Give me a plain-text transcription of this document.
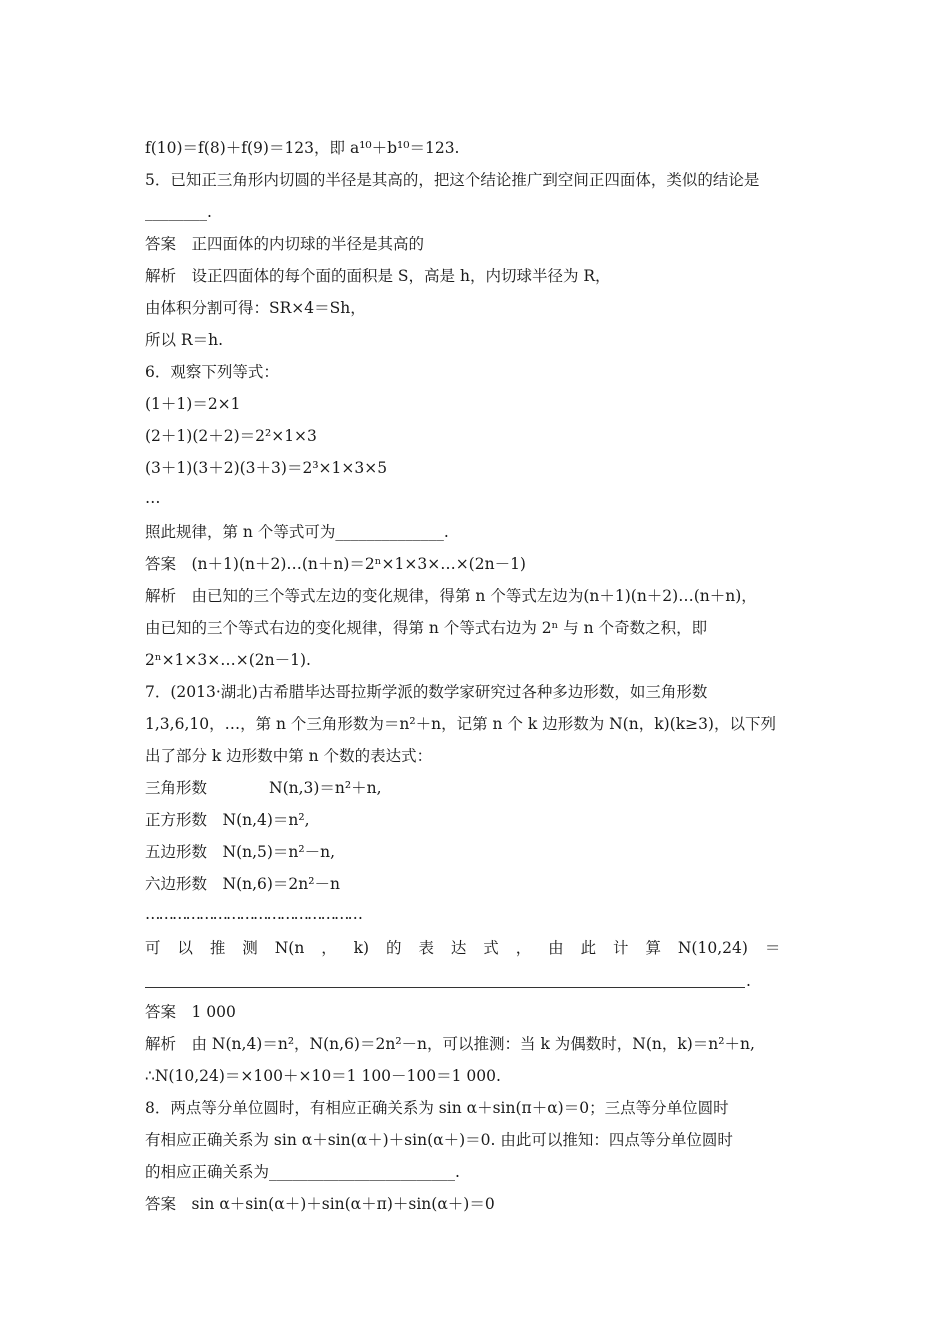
f(10)＝f(8)＋f(9)＝123，即 a¹⁰＋b¹⁰＝123.
5．已知正三角形内切圆的半径是其高的，把这个结论推广到空间正四面体，类似的结论是
________.
答案　正四面体的内切球的半径是其高的
解析　设正四面体的每个面的面积是 S，高是 h，内切球半径为 R，
由体积分割可得：SR×4＝Sh，
所以 R＝h.
6．观察下列等式：
(1＋1)＝2×1
(2＋1)(2＋2)＝2²×1×3
(3＋1)(3＋2)(3＋3)＝2³×1×3×5
…
照此规律，第 n 个等式可为______________.
答案　(n＋1)(n＋2)…(n＋n)＝2ⁿ×1×3×…×(2n－1)
解析　由已知的三个等式左边的变化规律，得第 n 个等式左边为(n＋1)(n＋2)…(n＋n)，
由已知的三个等式右边的变化规律，得第 n 个等式右边为 2ⁿ 与 n 个奇数之积，即
2ⁿ×1×3×…×(2n－1).
7．(2013·湖北)古希腊毕达哥拉斯学派的数学家研究过各种多边形数，如三角形数
1,3,6,10，…，第 n 个三角形数为＝n²＋n，记第 n 个 k 边形数为 N(n，k)(k≥3)，以下列
出了部分 k 边形数中第 n 个数的表达式：
三角形数　　　　N(n,3)＝n²＋n,
正方形数　N(n,4)＝n²,
五边形数　N(n,5)＝n²－n,
六边形数　N(n,6)＝2n²－n
…………………………………………
可 以 推 测 N(n ， k) 的 表 达 式 ， 由 此 计 算 N(10,24) ＝
.
答案　1 000
解析　由 N(n,4)＝n²，N(n,6)＝2n²－n，可以推测：当 k 为偶数时，N(n，k)＝n²＋n,
∴N(10,24)＝×100＋×10＝1 100－100＝1 000.
8．两点等分单位圆时，有相应正确关系为 sin α＋sin(π＋α)＝0；三点等分单位圆时
有相应正确关系为 sin α＋sin(α＋)＋sin(α＋)＝0. 由此可以推知：四点等分单位圆时
的相应正确关系为________________________.
答案　sin α＋sin(α＋)＋sin(α＋π)＋sin(α＋)＝0
